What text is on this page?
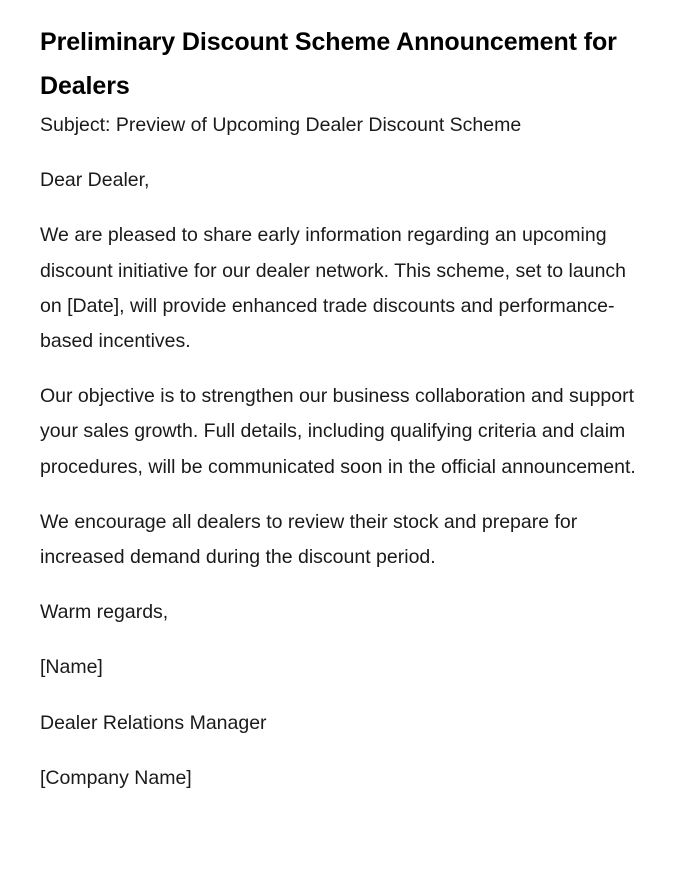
Preliminary Discount Scheme Announcement for Dealers

Subject: Preview of Upcoming Dealer Discount Scheme

Dear Dealer,

We are pleased to share early information regarding an upcoming discount initiative for our dealer network. This scheme, set to launch on [Date], will provide enhanced trade discounts and performance-based incentives.

Our objective is to strengthen our business collaboration and support your sales growth. Full details, including qualifying criteria and claim procedures, will be communicated soon in the official announcement.

We encourage all dealers to review their stock and prepare for increased demand during the discount period.

Warm regards,

[Name]

Dealer Relations Manager

[Company Name]
